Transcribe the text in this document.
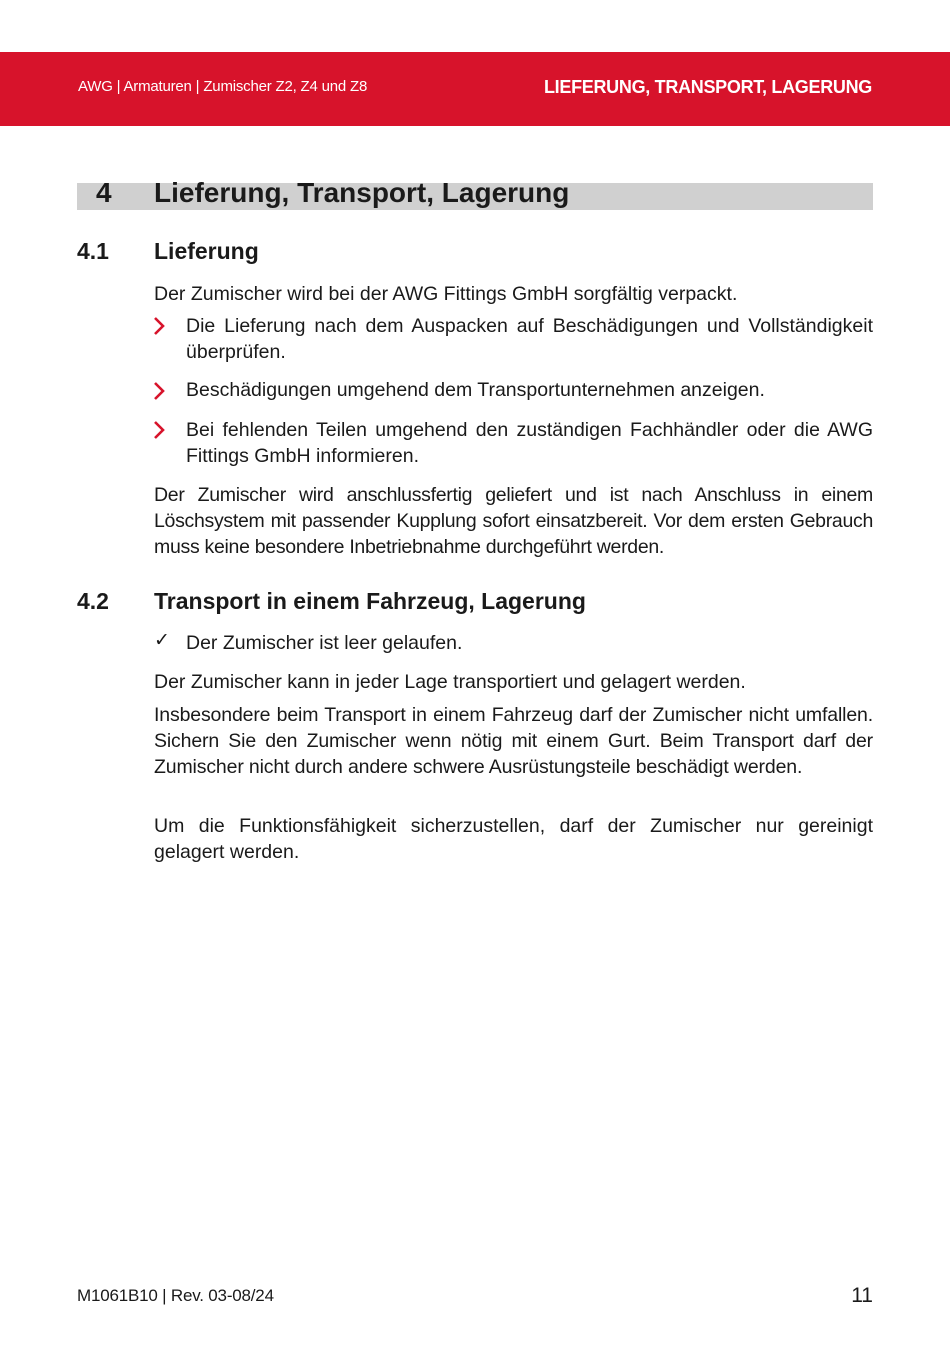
AWG | Armaturen | Zumischer Z2, Z4 und Z8	LIEFERUNG, TRANSPORT, LAGERUNG
4 Lieferung, Transport, Lagerung
4.1 Lieferung

Der Zumischer wird bei der AWG Fittings GmbH sorgfältig verpackt.

Die Lieferung nach dem Auspacken auf Beschädigungen und Vollständigkeit überprüfen.

Beschädigungen umgehend dem Transportunternehmen anzeigen.

Bei fehlenden Teilen umgehend den zuständigen Fachhändler oder die AWG Fittings GmbH informieren.

Der Zumischer wird anschlussfertig geliefert und ist nach Anschluss in einem Löschsystem mit passender Kupplung sofort einsatzbereit. Vor dem ersten Gebrauch muss keine besondere Inbetriebnahme durchgeführt werden.

4.2 Transport in einem Fahrzeug, Lagerung
✓ Der Zumischer ist leer gelaufen.

Der Zumischer kann in jeder Lage transportiert und gelagert werden.

Insbesondere beim Transport in einem Fahrzeug darf der Zumischer nicht umfallen. Sichern Sie den Zumischer wenn nötig mit einem Gurt. Beim Transport darf der Zumischer nicht durch andere schwere Ausrüstungsteile beschädigt werden.

Um die Funktionsfähigkeit sicherzustellen, darf der Zumischer nur gereinigt gelagert werden.

M1061B10 | Rev. 03-08/24	11
